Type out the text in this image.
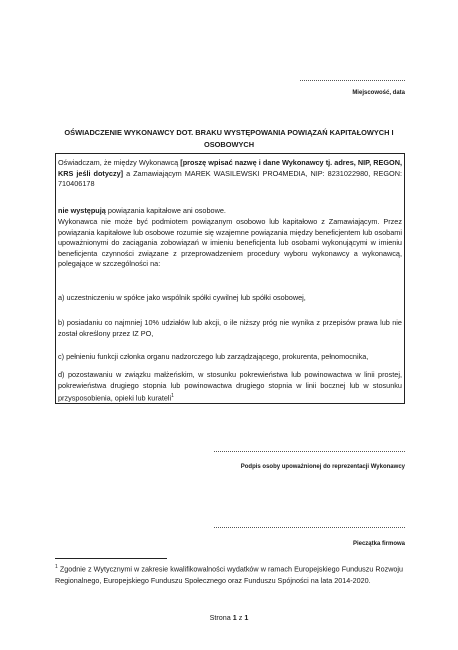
Miejscowość, data
OŚWIADCZENIE WYKONAWCY DOT. BRAKU WYSTĘPOWANIA POWIĄZAŃ KAPITAŁOWYCH I OSOBOWYCH
Oświadczam, że między Wykonawcą [proszę wpisać nazwę i dane Wykonawcy tj. adres, NIP, REGON, KRS jeśli dotyczy] a Zamawiającym MAREK WASILEWSKI PRO4MEDIA, NIP: 8231022980, REGON: 710406178
nie występują powiązania kapitałowe ani osobowe.
Wykonawca nie może być podmiotem powiązanym osobowo lub kapitałowo z Zamawiającym. Przez powiązania kapitałowe lub osobowe rozumie się wzajemne powiązania między beneficjentem lub osobami upoważnionymi do zaciągania zobowiązań w imieniu beneficjenta lub osobami wykonującymi w imieniu beneficjenta czynności związane z przeprowadzeniem procedury wyboru wykonawcy a wykonawcą, polegające w szczególności na:
a) uczestniczeniu w spółce jako wspólnik spółki cywilnej lub spółki osobowej,
b) posiadaniu co najmniej 10% udziałów lub akcji, o ile niższy próg nie wynika z przepisów prawa lub nie został określony przez IZ PO,
c) pełnieniu funkcji członka organu nadzorczego lub zarządzającego, prokurenta, pełnomocnika,
d) pozostawaniu w związku małżeńskim, w stosunku pokrewieństwa lub powinowactwa w linii prostej, pokrewieństwa drugiego stopnia lub powinowactwa drugiego stopnia w linii bocznej lub w stosunku przysposobienia, opieki lub kurateli$^1$
Podpis osoby upoważnionej do reprezentacji Wykonawcy
Pieczątka firmowa
$^1$ Zgodnie z Wytycznymi w zakresie kwalifikowalności wydatków w ramach Europejskiego Funduszu Rozwoju Regionalnego, Europejskiego Funduszu Społecznego oraz Funduszu Spójności na lata 2014-2020.
Strona 1 z 1
